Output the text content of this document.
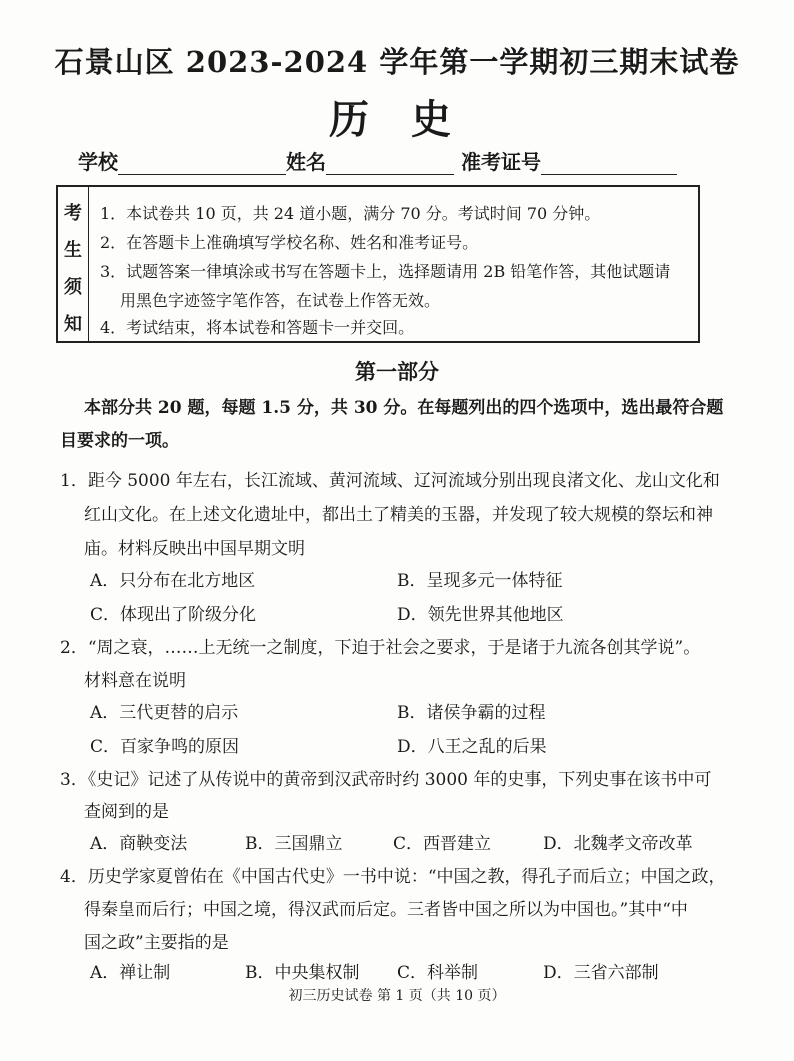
石景山区 2023-2024 学年第一学期初三期末试卷
历 史
学校	姓名	准考证号
考
生
须
知
1．本试卷共 10 页，共 24 道小题，满分 70 分。考试时间 70 分钟。
2．在答题卡上准确填写学校名称、姓名和准考证号。
3．试题答案一律填涂或书写在答题卡上，选择题请用 2B 铅笔作答，其他试题请
用黑色字迹签字笔作答，在试卷上作答无效。
4．考试结束，将本试卷和答题卡一并交回。
第一部分
本部分共 20 题，每题 1.5 分，共 30 分。在每题列出的四个选项中，选出最符合题
目要求的一项。
1．距今 5000 年左右，长江流域、黄河流域、辽河流域分别出现良渚文化、龙山文化和
红山文化。在上述文化遗址中，都出土了精美的玉器，并发现了较大规模的祭坛和神
庙。材料反映出中国早期文明
A．只分布在北方地区	B．呈现多元一体特征
C．体现出了阶级分化	D．领先世界其他地区
2．“周之衰，……上无统一之制度，下迫于社会之要求，于是诸于九流各创其学说”。
材料意在说明
A．三代更替的启示	B．诸侯争霸的过程
C．百家争鸣的原因	D．八王之乱的后果
3．《史记》记述了从传说中的黄帝到汉武帝时约 3000 年的史事，下列史事在该书中可
查阅到的是
A．商鞅变法	B．三国鼎立	C．西晋建立	D．北魏孝文帝改革
4．历史学家夏曾佑在《中国古代史》一书中说：“中国之教，得孔子而后立；中国之政，
得秦皇而后行；中国之境，得汉武而后定。三者皆中国之所以为中国也。”其中“中
国之政”主要指的是
A．禅让制	B．中央集权制 C．科举制	D．三省六部制
初三历史试卷 第 1 页（共 10 页）
